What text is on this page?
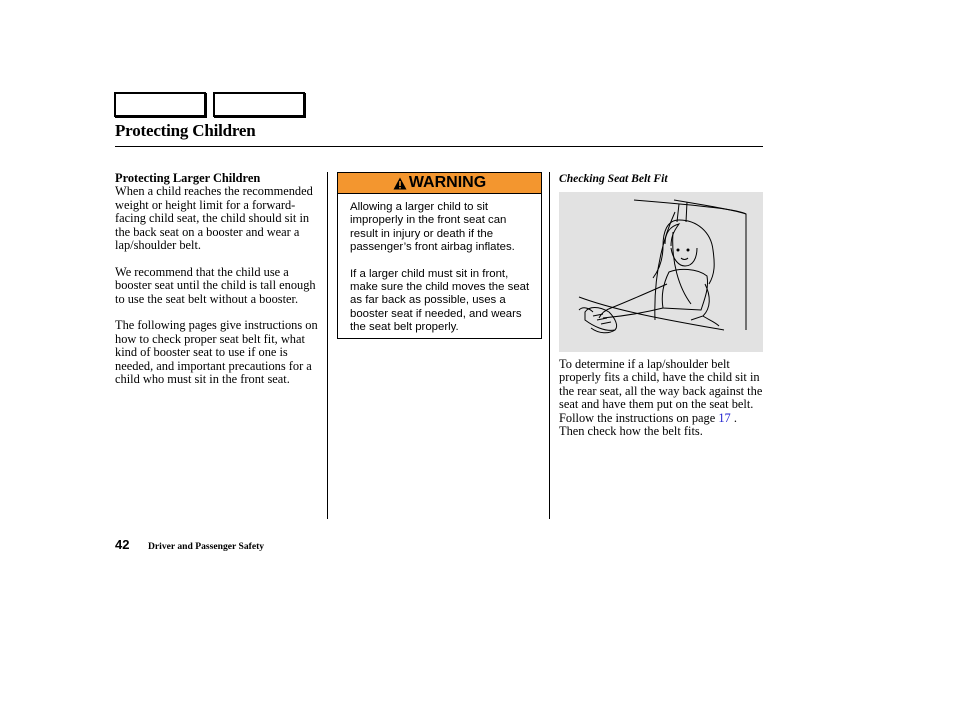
Protecting Children
Protecting Larger Children

When a child reaches the recommended weight or height limit for a forward-facing child seat, the child should sit in the back seat on a booster and wear a lap/shoulder belt.

We recommend that the child use a booster seat until the child is tall enough to use the seat belt without a booster.

The following pages give instructions on how to check proper seat belt fit, what kind of booster seat to use if one is needed, and important precautions for a child who must sit in the front seat.

WARNING

Allowing a larger child to sit improperly in the front seat can result in injury or death if the passenger’s front airbag inflates.

If a larger child must sit in front, make sure the child moves the seat as far back as possible, uses a booster seat if needed, and wears the seat belt properly.

Checking Seat Belt Fit
To determine if a lap/shoulder belt properly fits a child, have the child sit in the rear seat, all the way back against the seat and have them put on the seat belt. Follow the instructions on page 17 . Then check how the belt fits.
42 Driver and Passenger Safety
